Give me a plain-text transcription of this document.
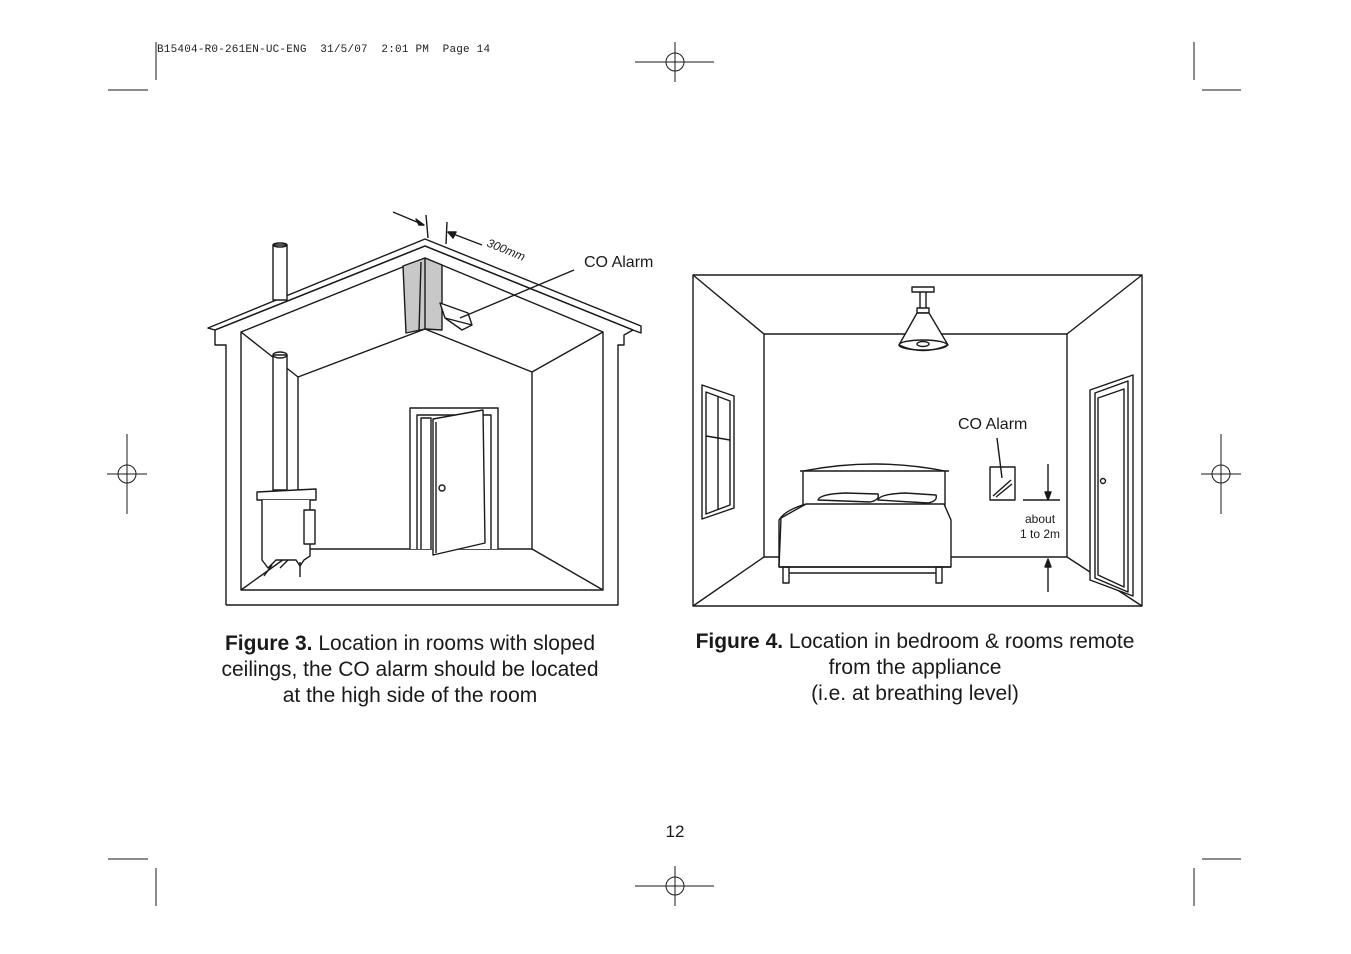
B15404-R0-261EN-UC-ENG  31/5/07  2:01 PM  Page 14
300mm	CO Alarm
CO Alarm
about
1 to 2m
Figure 3. Location in rooms with sloped
ceilings, the CO alarm should be located
at the high side of the room
Figure 4. Location in bedroom & rooms remote
from the appliance
(i.e. at breathing level)
12
